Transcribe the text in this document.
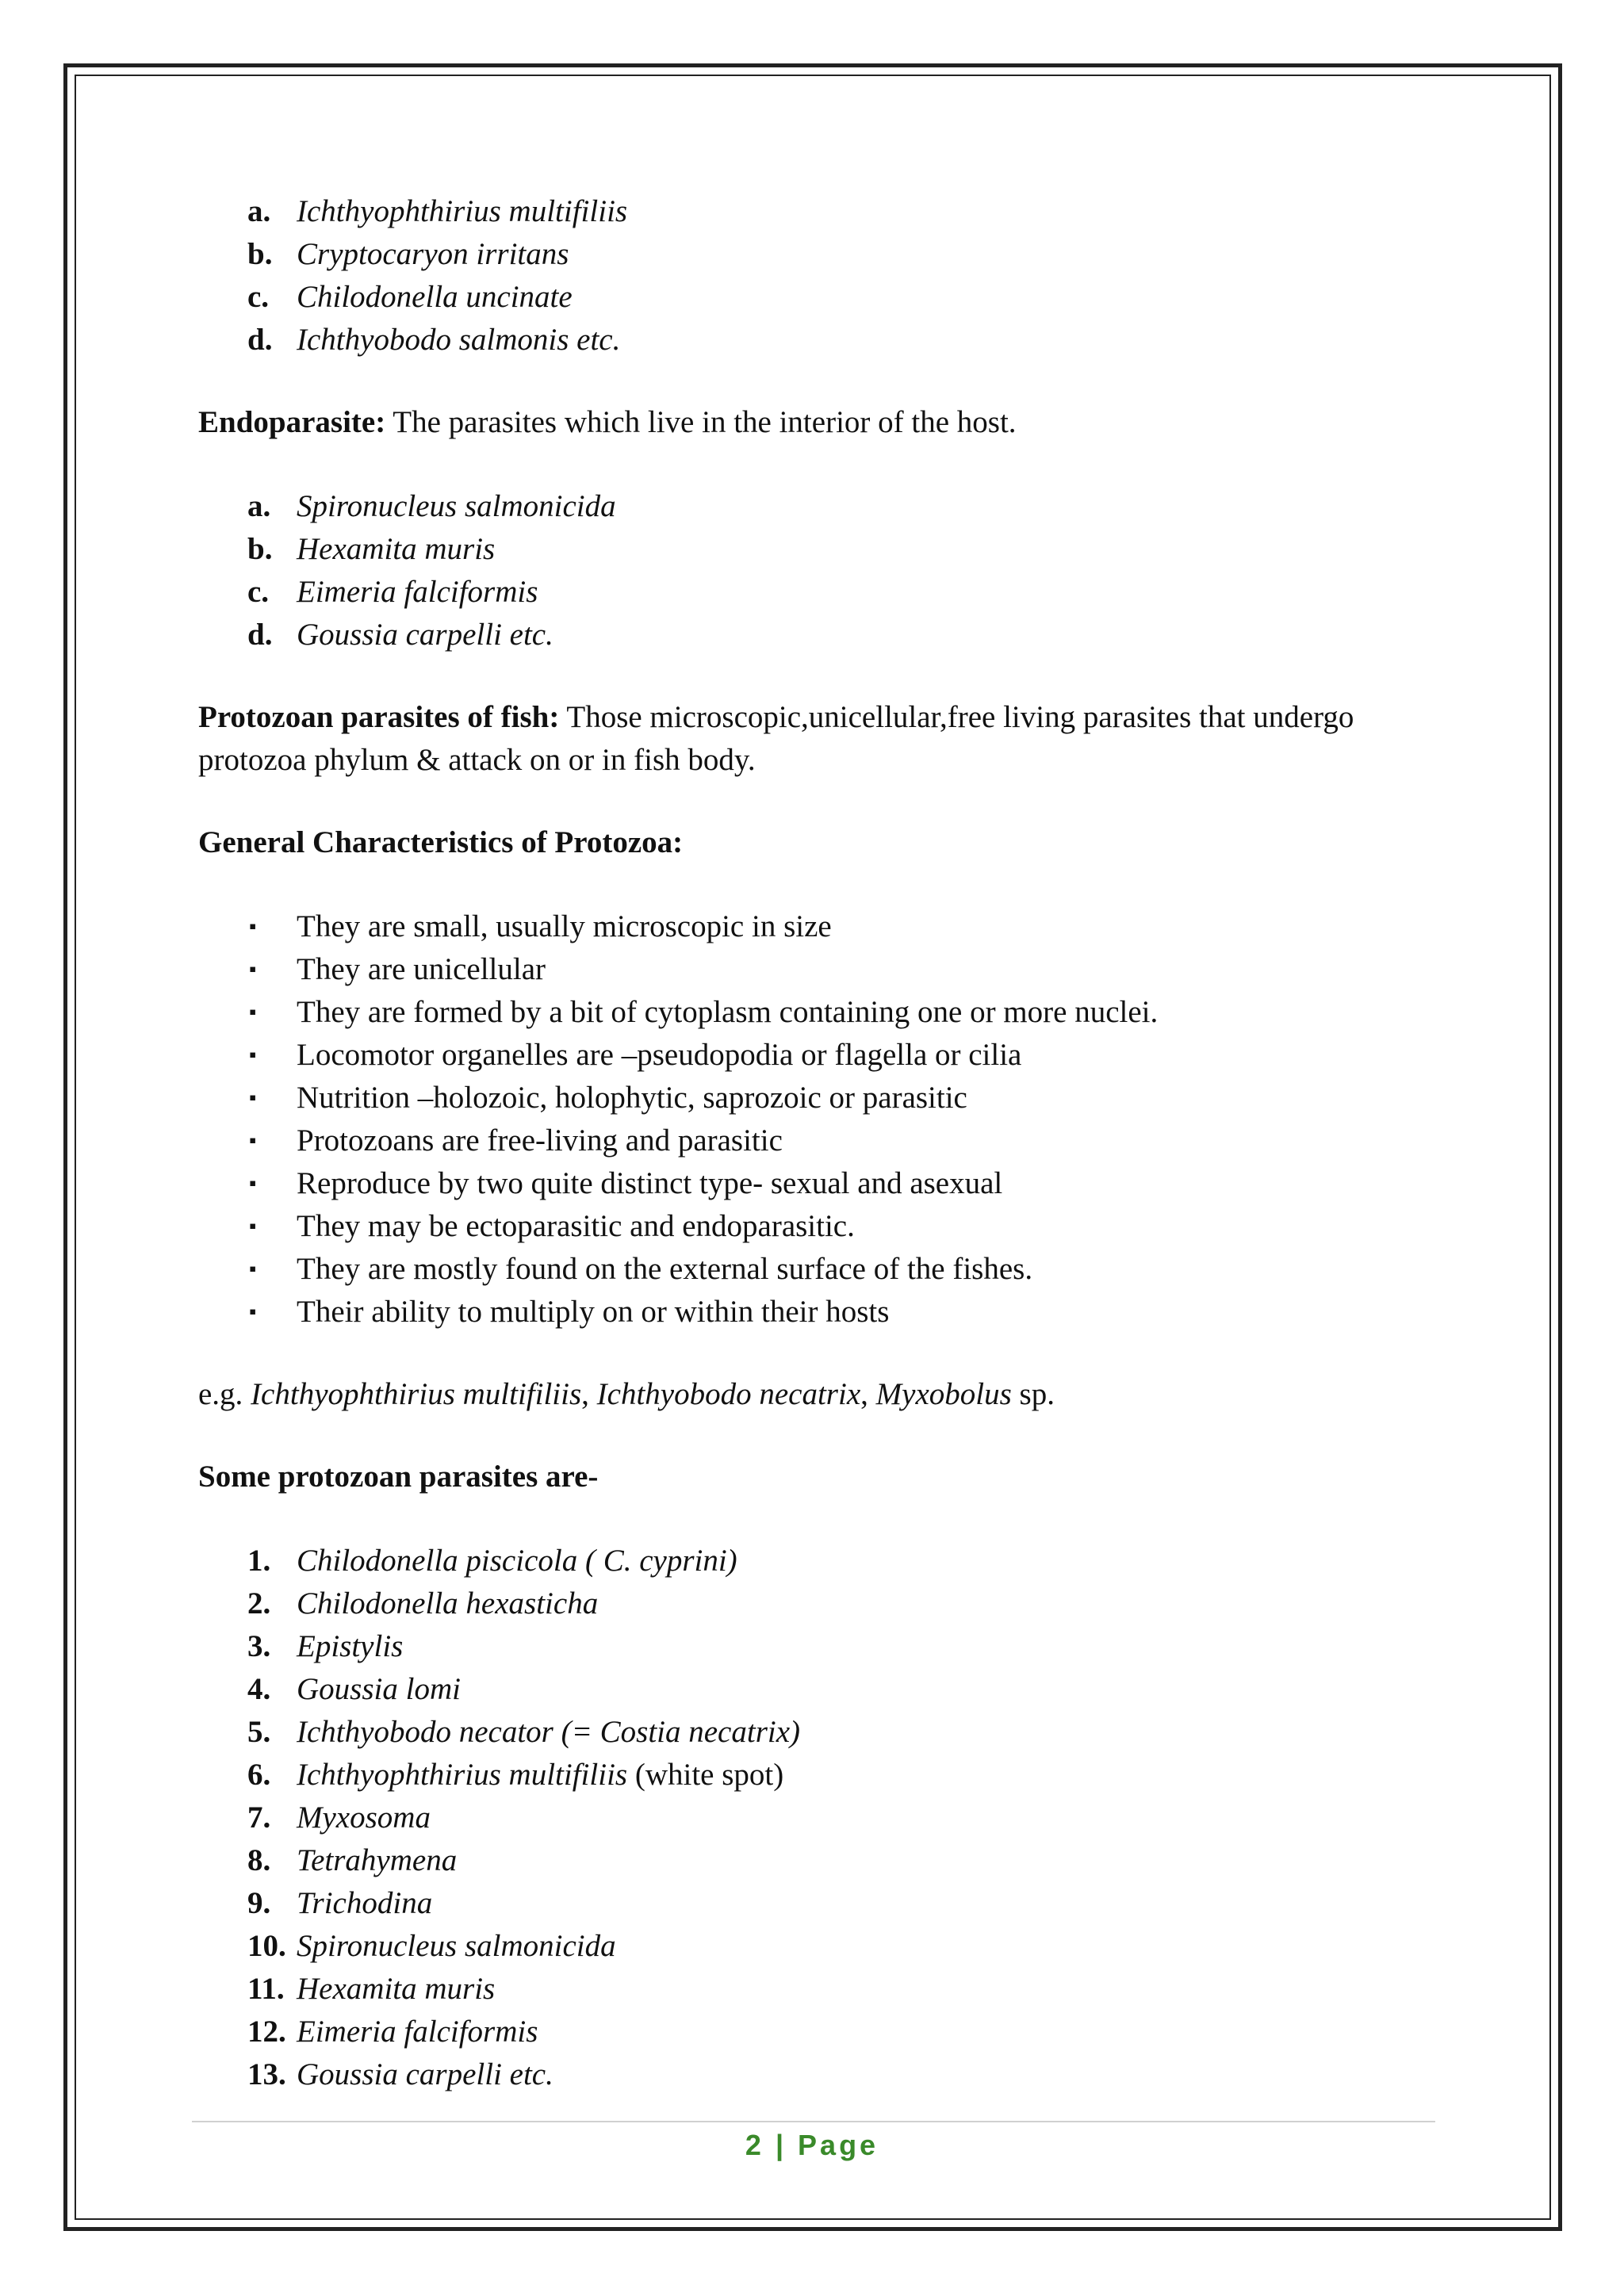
a. Ichthyophthirius multifiliis
b. Cryptocaryon irritans
c. Chilodonella uncinate
d. Ichthyobodo salmonis etc.

Endoparasite: The parasites which live in the interior of the host.

a. Spironucleus salmonicida
b. Hexamita muris
c. Eimeria falciformis
d. Goussia carpelli etc.

Protozoan parasites of fish: Those microscopic,unicellular,free living parasites that undergo protozoa phylum & attack on or in fish body.

General Characteristics of Protozoa:

▪ They are small, usually microscopic in size
▪ They are unicellular
▪ They are formed by a bit of cytoplasm containing one or more nuclei.
▪ Locomotor organelles are –pseudopodia or flagella or cilia
▪ Nutrition –holozoic, holophytic, saprozoic or parasitic
▪ Protozoans are free-living and parasitic
▪ Reproduce by two quite distinct type- sexual and asexual
▪ They may be ectoparasitic and endoparasitic.
▪ They are mostly found on the external surface of the fishes.
▪ Their ability to multiply on or within their hosts

e.g. Ichthyophthirius multifiliis, Ichthyobodo necatrix, Myxobolus sp.

Some protozoan parasites are-

1. Chilodonella piscicola ( C. cyprini)
2. Chilodonella hexasticha
3. Epistylis
4. Goussia lomi
5. Ichthyobodo necator (= Costia necatrix)
6. Ichthyophthirius multifiliis (white spot)
7. Myxosoma
8. Tetrahymena
9. Trichodina
10. Spironucleus salmonicida
11. Hexamita muris
12. Eimeria falciformis
13. Goussia carpelli etc.
2 | Page
